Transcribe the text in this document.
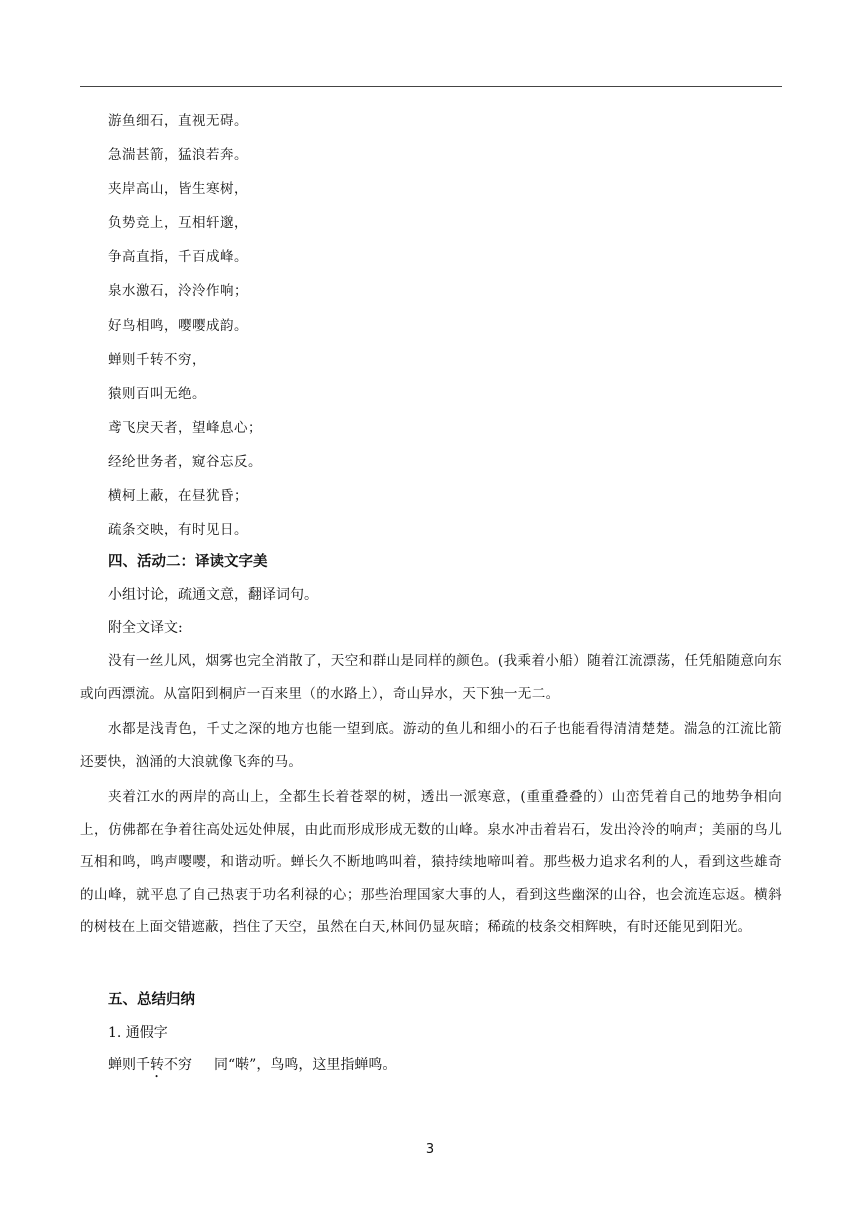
游鱼细石，直视无碍。
急湍甚箭，猛浪若奔。
夹岸高山，皆生寒树，
负势竞上，互相轩邈，
争高直指，千百成峰。
泉水激石，泠泠作响；
好鸟相鸣，嘤嘤成韵。
蝉则千转不穷，
猿则百叫无绝。
鸢飞戾天者，望峰息心；
经纶世务者，窥谷忘反。
横柯上蔽，在昼犹昏；
疏条交映，有时见日。
四、活动二：译读文字美
小组讨论，疏通文意，翻译词句。
附全文译文:

没有一丝儿风，烟雾也完全消散了，天空和群山是同样的颜色。(我乘着小船）随着江流漂荡，任凭船随意向东或向西漂流。从富阳到桐庐一百来里（的水路上），奇山异水，天下独一无二。

水都是浅青色，千丈之深的地方也能一望到底。游动的鱼儿和细小的石子也能看得清清楚楚。湍急的江流比箭还要快，汹涌的大浪就像飞奔的马。

夹着江水的两岸的高山上，全都生长着苍翠的树，透出一派寒意，(重重叠叠的）山峦凭着自己的地势争相向上，仿佛都在争着往高处远处伸展，由此而形成形成无数的山峰。泉水冲击着岩石，发出泠泠的响声；美丽的鸟儿互相和鸣，鸣声嘤嘤，和谐动听。蝉长久不断地鸣叫着，猿持续地啼叫着。那些极力追求名利的人，看到这些雄奇的山峰，就平息了自己热衷于功名利禄的心；那些治理国家大事的人，看到这些幽深的山谷，也会流连忘返。横斜的树枝在上面交错遮蔽，挡住了天空，虽然在白天,林间仍显灰暗；稀疏的枝条交相辉映，有时还能见到阳光。

五、总结归纳
1. 通假字
蝉则千转不穷 同“啭”，鸟鸣，这里指蝉鸣。
3
